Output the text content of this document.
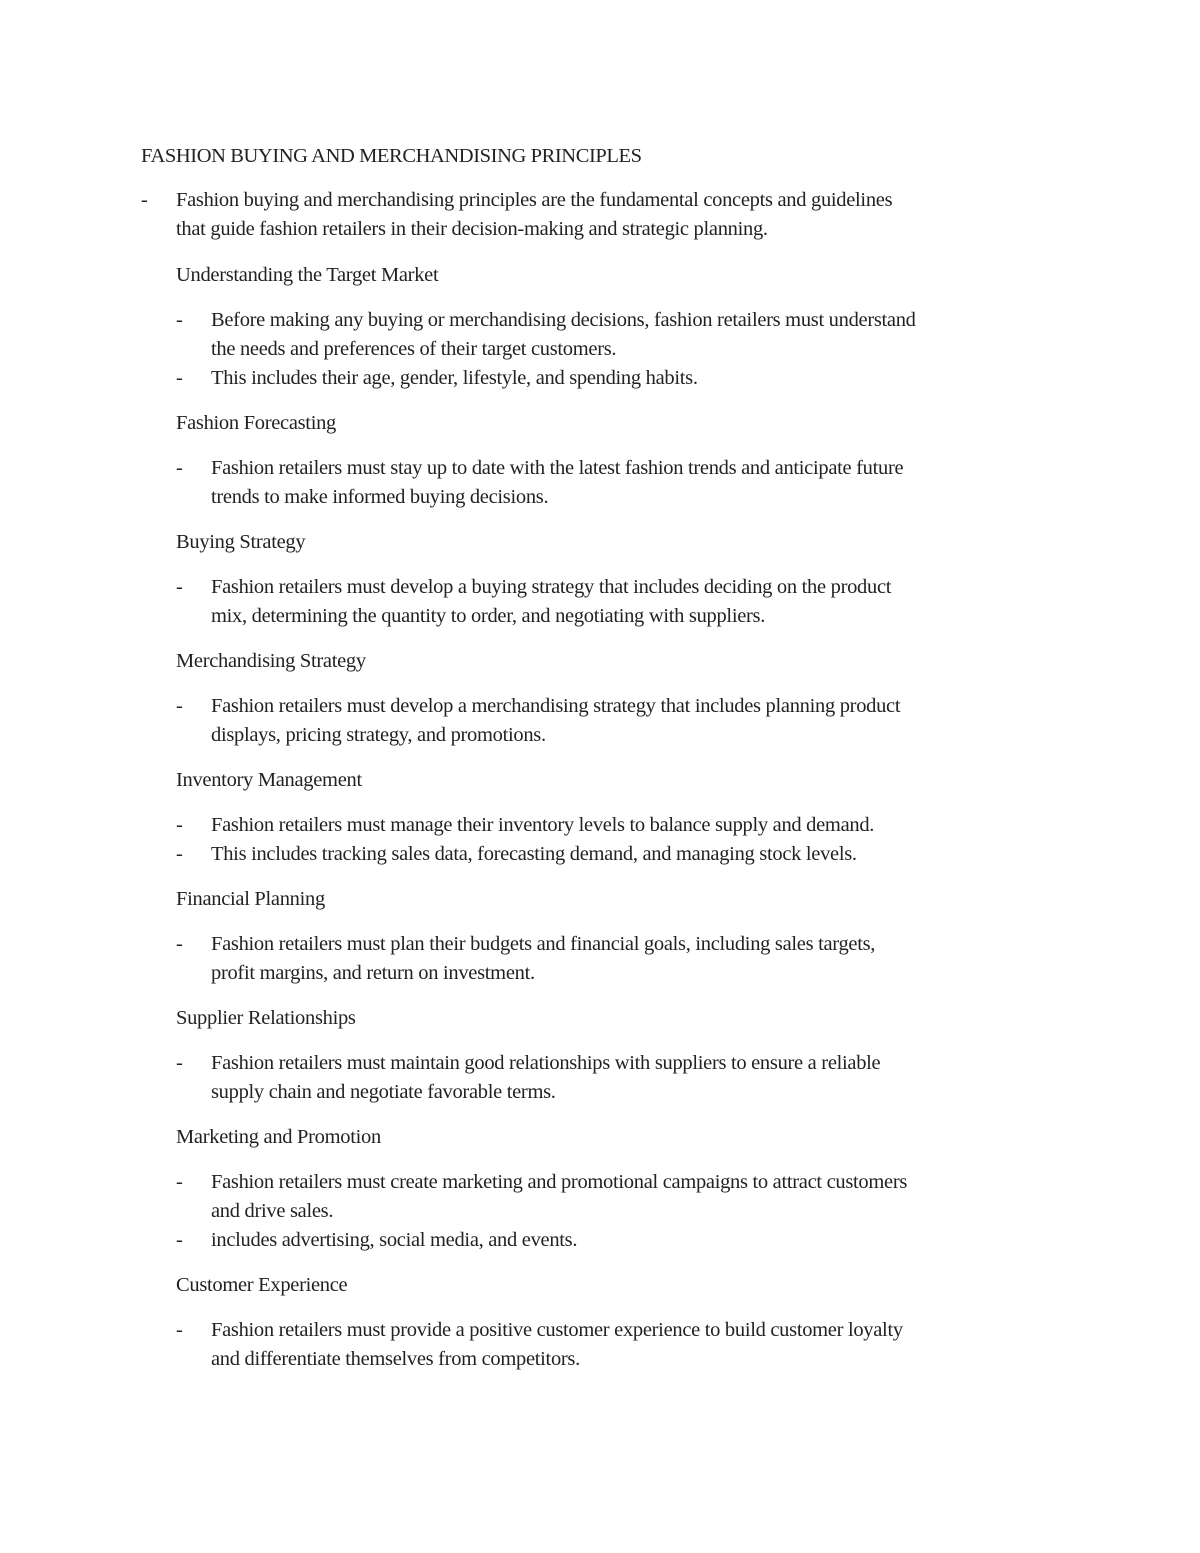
FASHION BUYING AND MERCHANDISING PRINCIPLES
- Fashion buying and merchandising principles are the fundamental concepts and guidelines
that guide fashion retailers in their decision-making and strategic planning.
Understanding the Target Market
- Before making any buying or merchandising decisions, fashion retailers must understand
the needs and preferences of their target customers.
- This includes their age, gender, lifestyle, and spending habits.
Fashion Forecasting
- Fashion retailers must stay up to date with the latest fashion trends and anticipate future
trends to make informed buying decisions.
Buying Strategy
- Fashion retailers must develop a buying strategy that includes deciding on the product
mix, determining the quantity to order, and negotiating with suppliers.
Merchandising Strategy
- Fashion retailers must develop a merchandising strategy that includes planning product
displays, pricing strategy, and promotions.
Inventory Management
- Fashion retailers must manage their inventory levels to balance supply and demand.
- This includes tracking sales data, forecasting demand, and managing stock levels.
Financial Planning
- Fashion retailers must plan their budgets and financial goals, including sales targets,
profit margins, and return on investment.
Supplier Relationships
- Fashion retailers must maintain good relationships with suppliers to ensure a reliable
supply chain and negotiate favorable terms.
Marketing and Promotion
- Fashion retailers must create marketing and promotional campaigns to attract customers
and drive sales.
- includes advertising, social media, and events.
Customer Experience
- Fashion retailers must provide a positive customer experience to build customer loyalty
and differentiate themselves from competitors.
